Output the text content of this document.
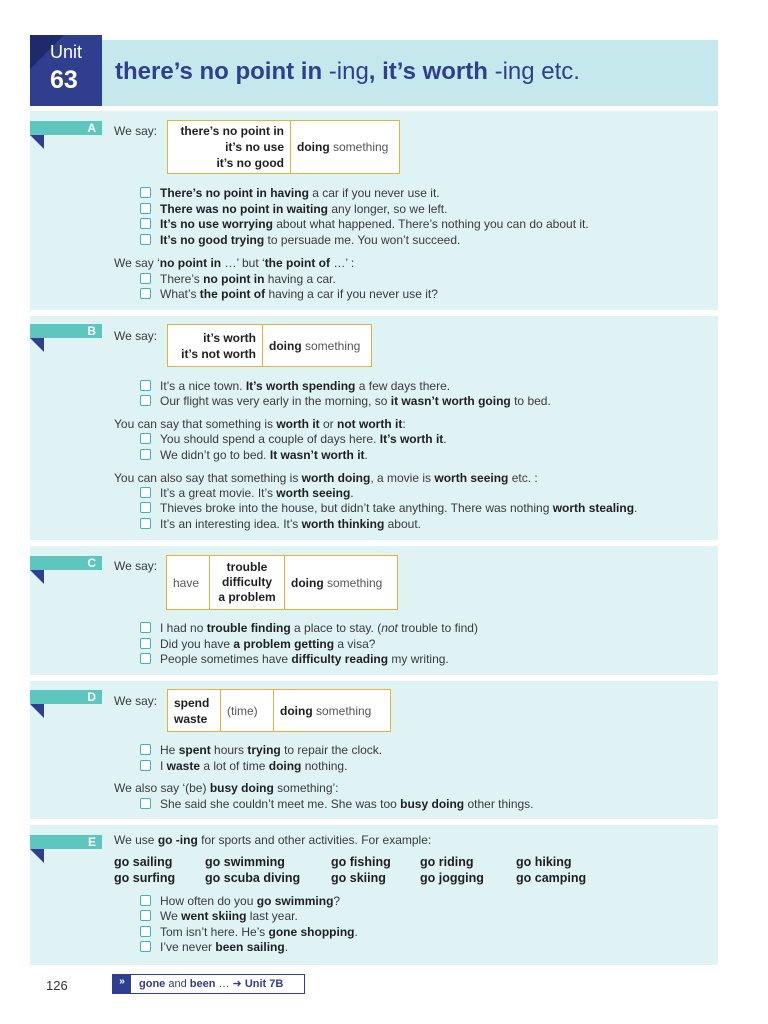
Unit
63 there’s no point in -ing, it’s worth -ing etc.
A	We say: there’s no point in
it’s no use
it’s no good	doing something
There’s no point in having a car if you never use it.
There was no point in waiting any longer, so we left.
It’s no use worrying about what happened. There’s nothing you can do about it.
It’s no good trying to persuade me. You won’t succeed.
We say ‘no point in …’ but ‘the point of …’ :
There’s no point in having a car.
What’s the point of having a car if you never use it?
B	We say:	it’s worth
it’s not worth	doing something
It’s a nice town. It’s worth spending a few days there.
Our flight was very early in the morning, so it wasn’t worth going to bed.
You can say that something is worth it or not worth it:
You should spend a couple of days here. It’s worth it.
We didn’t go to bed. It wasn’t worth it.
You can also say that something is worth doing, a movie is worth seeing etc. :
It’s a great movie. It’s worth seeing.
Thieves broke into the house, but didn’t take anything. There was nothing worth stealing.
It’s an interesting idea. It’s worth thinking about.
C	We say:
have	trouble
difficulty
a problem	doing something
I had no trouble finding a place to stay. (not trouble to find)
Did you have a problem getting a visa?
People sometimes have difficulty reading my writing.
D	We say: spend
waste	(time)	doing something
He spent hours trying to repair the clock.
I waste a lot of time doing nothing.
We also say ‘(be) busy doing something’:
She said she couldn’t meet me. She was too busy doing other things.
E	We use go -ing for sports and other activities. For example:
go sailing	go swimming	go fishing go riding	go hiking
go surfing go scuba diving go skiing	go jogging	go camping
How often do you go swimming?
We went skiing last year.
Tom isn’t here. He’s gone shopping.
I’ve never been sailing.
126	»	gone and been … ➜ Unit 7B
